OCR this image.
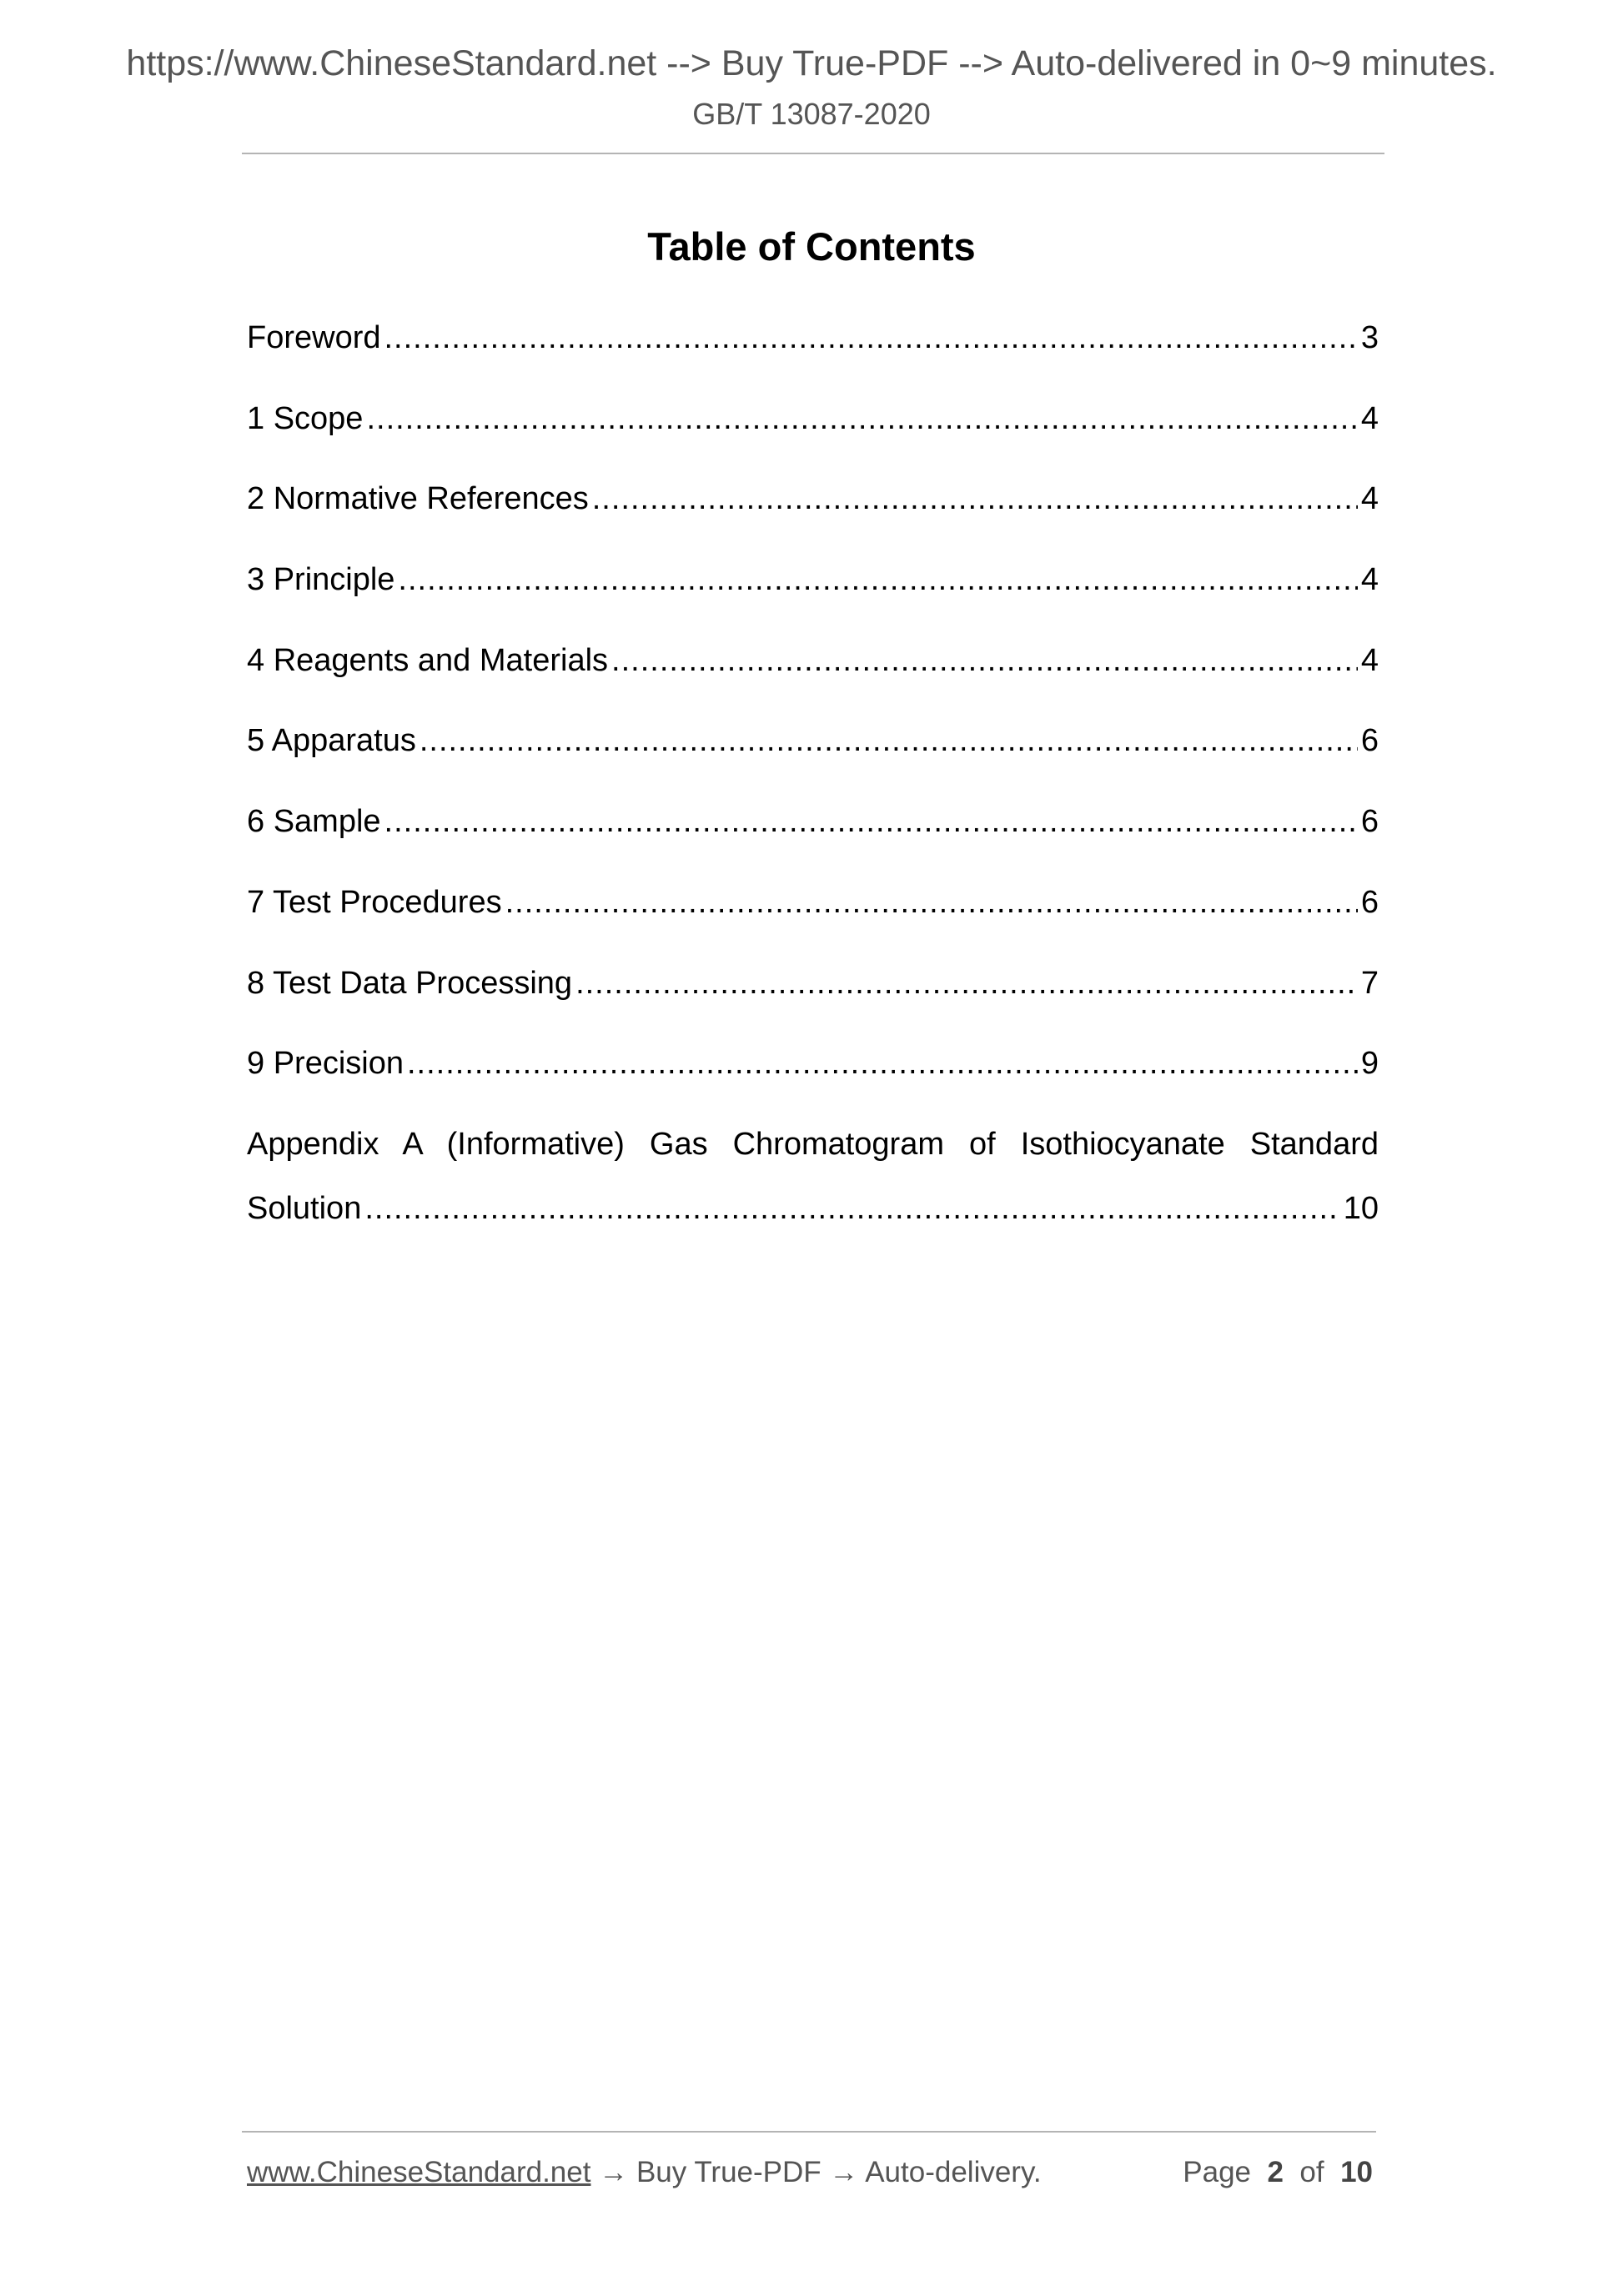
https://www.ChineseStandard.net --> Buy True-PDF --> Auto-delivered in 0~9 minutes.
GB/T 13087-2020
Table of Contents
Foreword .....	3
1 Scope .....	4
2 Normative References .....	4
3 Principle .....	4
4 Reagents and Materials .....	4
5 Apparatus .....	6
6 Sample .....	6
7 Test Procedures .....	6
8 Test Data Processing .....	7
9 Precision .....	9
Appendix A (Informative) Gas Chromatogram of Isothiocyanate Standard
Solution .....	10
www.ChineseStandard.net → Buy True-PDF → Auto-delivery.	Page 2 of 10
